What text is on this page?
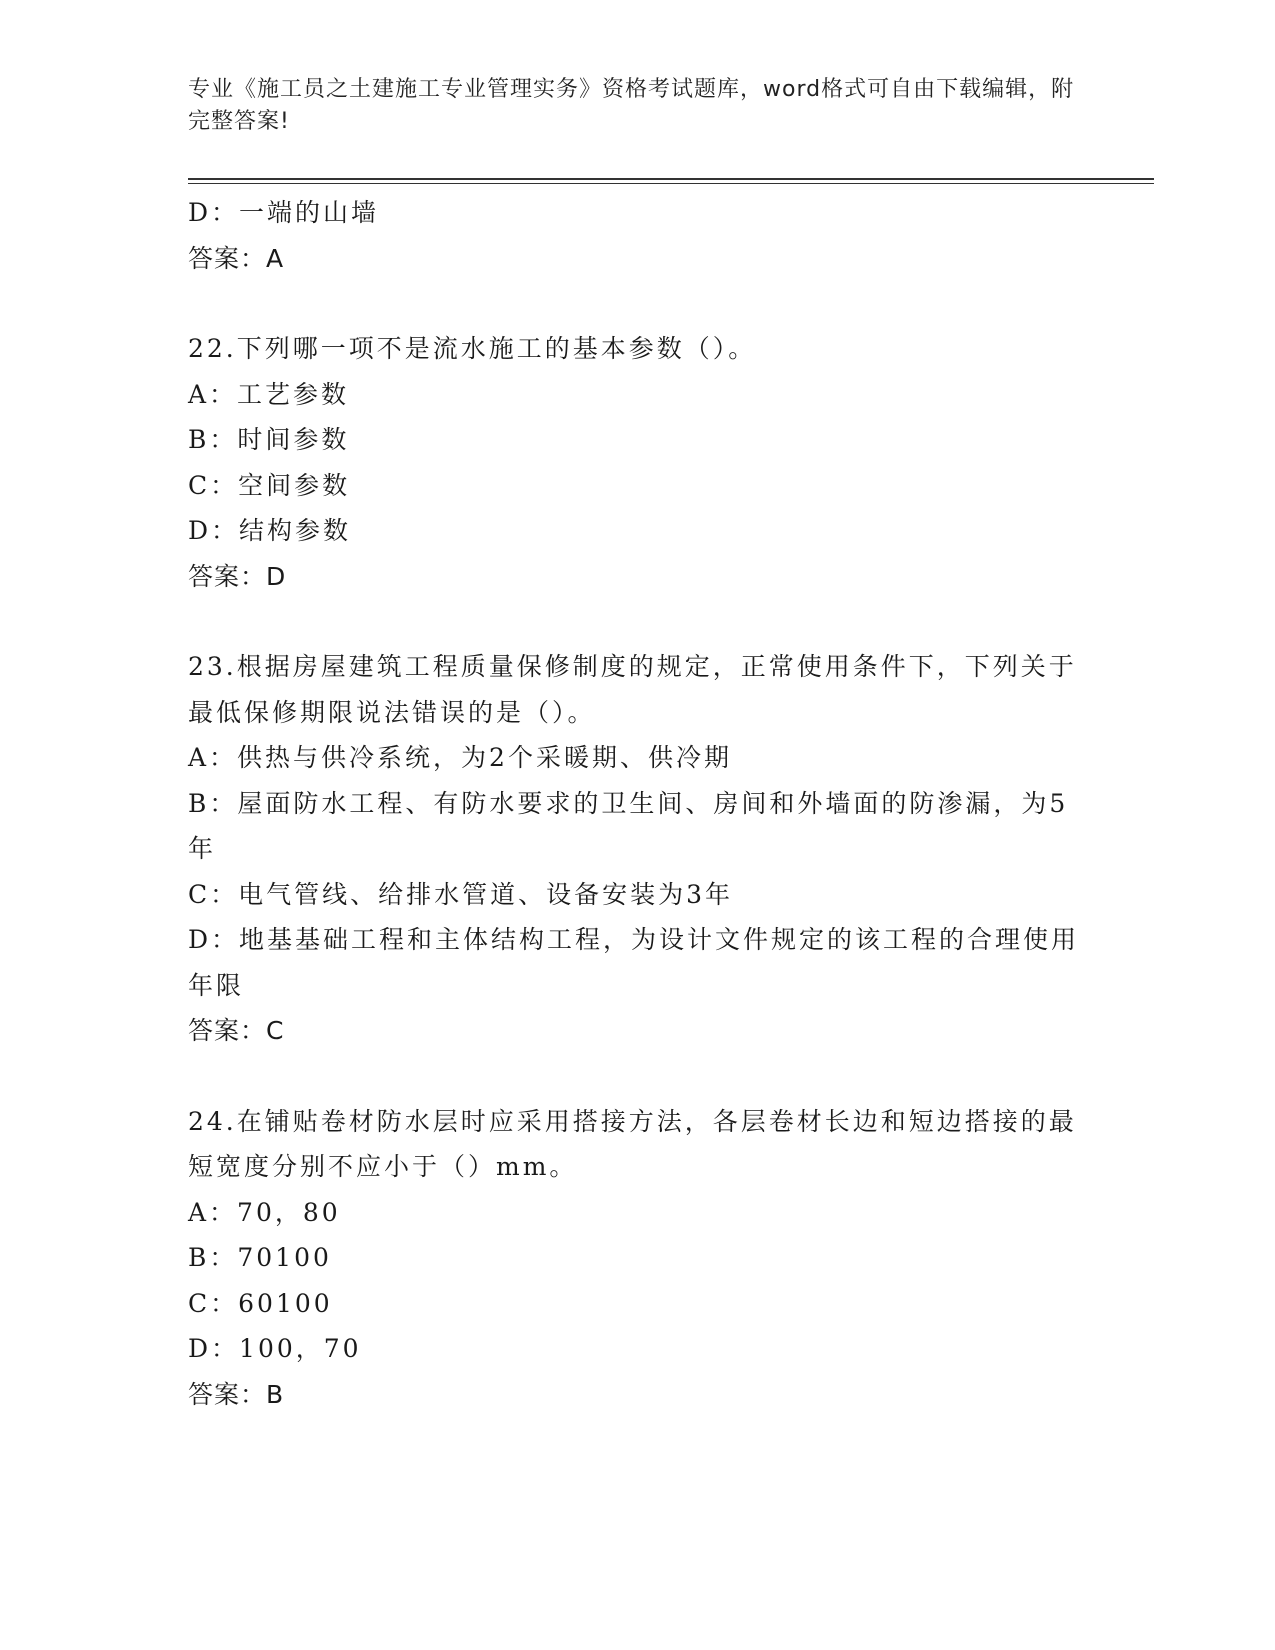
专业《施工员之土建施工专业管理实务》资格考试题库，word格式可自由下载编辑，附完整答案!

D：一端的山墙

答案：A

22.下列哪一项不是流水施工的基本参数（）。

A：工艺参数

B：时间参数

C：空间参数

D：结构参数

答案：D

23.根据房屋建筑工程质量保修制度的规定，正常使用条件下，下列关于最低保修期限说法错误的是（）。

A：供热与供冷系统，为2个采暖期、供冷期

B：屋面防水工程、有防水要求的卫生间、房间和外墙面的防渗漏，为5年

C：电气管线、给排水管道、设备安装为3年

D：地基基础工程和主体结构工程，为设计文件规定的该工程的合理使用年限

答案：C

24.在铺贴卷材防水层时应采用搭接方法，各层卷材长边和短边搭接的最短宽度分别不应小于（）mm。

A：70，80

B：70100

C：60100

D：100，70

答案：B
